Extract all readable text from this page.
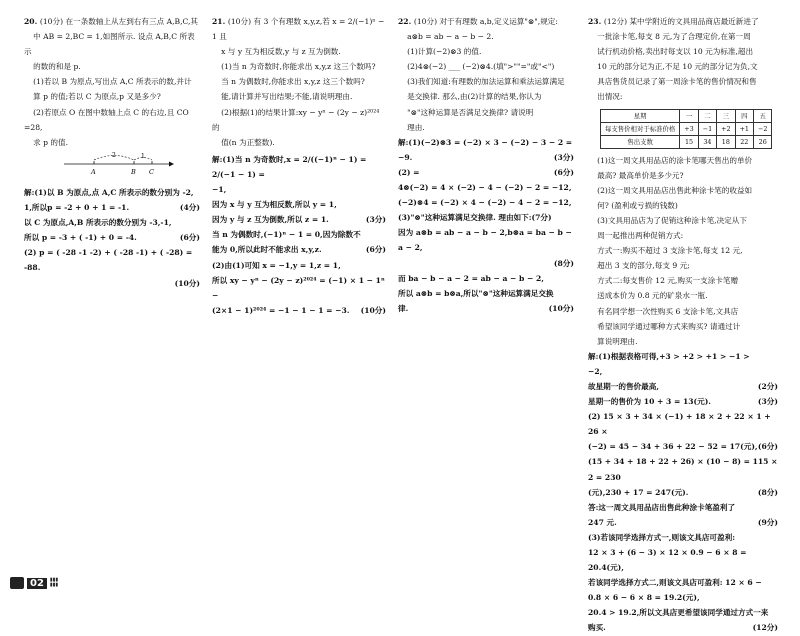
20. (10分) 在一条数轴上从左到右有三点 A,B,C,其

中 AB = 2,BC = 1,如图所示. 设点 A,B,C 所表示

的数的和是 p.

(1)若以 B 为原点,写出点 A,C 所表示的数,并计

算 p 的值;若以 C 为原点,p 又是多少?

(2)若原点 O 在图中数轴上点 C 的右边,且 CO =28,

求 p 的值.

2	1
A	B C

解:(1)以 B 为原点,点 A,C 所表示的数分别为 -2,

1,所以p = -2 + 0 + 1 = -1.	(4分)

以 C 为原点,A,B 所表示的数分别为 -3,-1,

所以 p = -3 + ( -1) + 0 = -4.	(6分)

(2) p = ( -28 -1 -2) + ( -28 -1) + ( -28) = -88.

(10分)

21. (10分) 有 3 个有理数 x,y,z,若 x = 2/(−1)ⁿ − 1 且

x 与 y 互为相反数,y 与 z 互为倒数.

(1)当 n 为奇数时,你能求出 x,y,z 这三个数吗?

当 n 为偶数时,你能求出 x,y,z 这三个数吗?

能,请计算并写出结果;不能,请说明理由.

(2)根据(1)的结果计算:xy − yⁿ − (2y − z)²⁰²⁴ 的

值(n 为正整数).

解:(1)当 n 为奇数时,x = 2/((−1)ⁿ − 1) = 2/(−1 − 1) =

−1,

因为 x 与 y 互为相反数,所以 y = 1,

因为 y 与 z 互为倒数,所以 z = 1.	(3分)

当 n 为偶数时,(−1)ⁿ − 1 = 0,因为除数不

能为 0,所以此时不能求出 x,y,z.	(6分)

(2)由(1)可知 x = −1,y = 1,z = 1,

所以 xy − yⁿ − (2y − z)²⁰²⁴ = (−1) × 1 − 1ⁿ −

(2×1 − 1)²⁰²⁴ = −1 − 1 − 1 = −3. (10分)

22. (10分) 对于有理数 a,b,定义运算"⊗",规定:

a⊗b = ab − a − b − 2.

(1)计算(−2)⊗3 的值.

(2)4⊗(−2) ___ (−2)⊗4.(填">""="或"<")

(3)我们知道:有理数的加法运算和乘法运算满足

是交换律. 那么,由(2)计算的结果,你认为

"⊗"这种运算是否满足交换律? 请说明

理由.

解:(1)(−2)⊗3 = (−2) × 3 − (−2) − 3 − 2 =

−9.	(3分)

(2) =	(6分)

4⊗(−2) = 4 × (−2) − 4 − (−2) − 2 = −12,

(−2)⊗4 = (−2) × 4 − (−2) − 4 − 2 = −12,

(3)"⊗"这种运算满足交换律. 理由如下:(7分)

因为 a⊗b = ab − a − b − 2,b⊗a = ba − b − a − 2,

(8分)

而 ba − b − a − 2 = ab − a − b − 2,

所以 a⊗b = b⊗a,所以"⊗"这种运算满足交换

律.	(10分)

23. (12分) 某中学附近的文具用品商店最近新进了

一批涂卡笔,每支 8 元,为了合理定价,在第一周

试行机动价格,卖出时每支以 10 元为标准,超出

10 元的部分记为正,不足 10 元的部分记为负,文

具店售货员记录了第一周涂卡笔的售价情况和售

出情况:

星期	一	二	三	四	五
每支售价相对于标准价格	+3	−1	+2	+1	−2
售出支数	15	34	18	22	26

(1)这一周文具用品店的涂卡笔哪天售出的单价

最高? 最高单价是多少元?

(2)这一周文具用品店出售此种涂卡笔的收益如

何? (盈利或亏损的钱数)

(3)文具用品店为了促销这种涂卡笔,决定从下

周一起推出两种促销方式:

方式一:购买不超过 3 支涂卡笔,每支 12 元,

超出 3 支的部分,每支 9 元;

方式二:每支售价 12 元,购买一支涂卡笔赠

送成本价为 0.8 元的矿泉水一瓶.

有名同学想一次性购买 6 支涂卡笔,文具店

希望该同学通过哪种方式来购买? 请通过计

算说明理由.

解:(1)根据表格可得,+3 > +2 > +1 > −1 >

−2,

故星期一的售价最高,	(2分)

星期一的售价为 10 + 3 = 13(元).	(3分)

(2) 15 × 3 + 34 × (−1) + 18 × 2 + 22 × 1 + 26 ×

(−2) = 45 − 34 + 36 + 22 − 52 = 17(元), (6分)

(15 + 34 + 18 + 22 + 26) × (10 − 8) = 115 × 2 = 230

(元),230 + 17 = 247(元).	(8分)

答:这一周文具用品店出售此种涂卡笔盈利了

247 元.	(9分)

(3)若该同学选择方式一,则该文具店可盈利:

12 × 3 + (6 − 3) × 12 × 0.9 − 6 × 8 = 20.4(元),

若该同学选择方式二,则该文具店可盈利: 12 × 6 −

0.8 × 6 − 6 × 8 = 19.2(元),

20.4 > 19.2,所以文具店更希望该同学通过方式一来

购买.	(12分)

02	▮▮▮
▮▮▮
